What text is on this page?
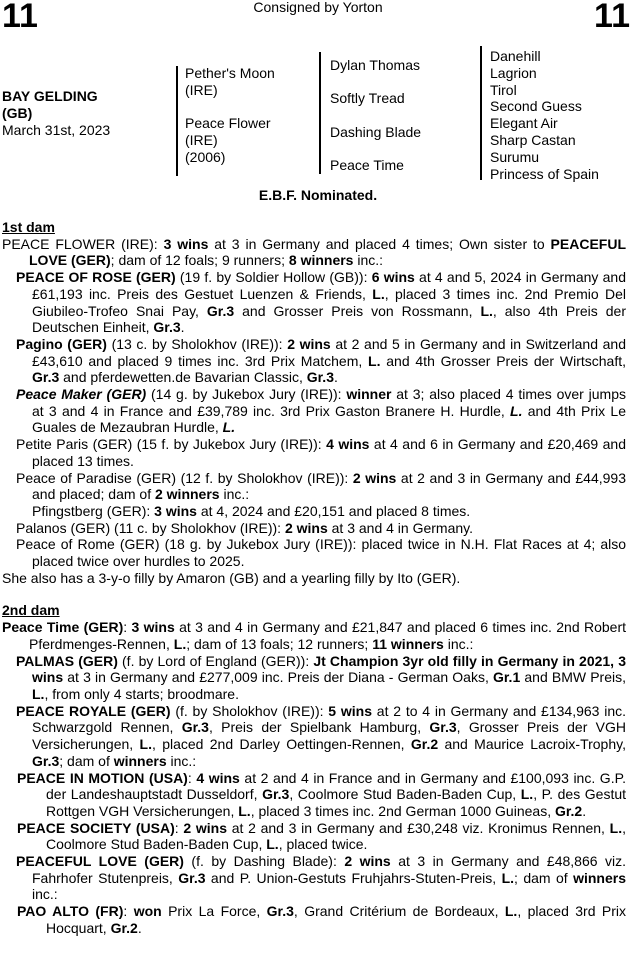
11	Consigned by Yorton	11
BAY GELDING
(GB)
March 31st, 2023
Pether's Moon
(IRE)
Peace Flower
(IRE)
(2006)
Dylan Thomas
Softly Tread
Dashing Blade
Peace Time
Danehill
Lagrion
Tirol
Second Guess
Elegant Air
Sharp Castan
Surumu
Princess of Spain
E.B.F. Nominated.

1st dam

PEACE FLOWER (IRE): 3 wins at 3 in Germany and placed 4 times; Own sister to PEACEFUL LOVE (GER); dam of 12 foals; 9 runners; 8 winners inc.:

PEACE OF ROSE (GER) (19 f. by Soldier Hollow (GB)): 6 wins at 4 and 5, 2024 in Germany and £61,193 inc. Preis des Gestuet Luenzen & Friends, L., placed 3 times inc. 2nd Premio Del Giubileo-Trofeo Snai Pay, Gr.3 and Grosser Preis von Rossmann, L., also 4th Preis der Deutschen Einheit, Gr.3.

Pagino (GER) (13 c. by Sholokhov (IRE)): 2 wins at 2 and 5 in Germany and in Switzerland and £43,610 and placed 9 times inc. 3rd Prix Matchem, L. and 4th Grosser Preis der Wirtschaft, Gr.3 and pferdewetten.de Bavarian Classic, Gr.3.

Peace Maker (GER) (14 g. by Jukebox Jury (IRE)): winner at 3; also placed 4 times over jumps at 3 and 4 in France and £39,789 inc. 3rd Prix Gaston Branere H. Hurdle, L. and 4th Prix Le Guales de Mezaubran Hurdle, L.

Petite Paris (GER) (15 f. by Jukebox Jury (IRE)): 4 wins at 4 and 6 in Germany and £20,469 and placed 13 times.

Peace of Paradise (GER) (12 f. by Sholokhov (IRE)): 2 wins at 2 and 3 in Germany and £44,993 and placed; dam of 2 winners inc.:

Pfingstberg (GER): 3 wins at 4, 2024 and £20,151 and placed 8 times.

Palanos (GER) (11 c. by Sholokhov (IRE)): 2 wins at 3 and 4 in Germany.

Peace of Rome (GER) (18 g. by Jukebox Jury (IRE)): placed twice in N.H. Flat Races at 4; also placed twice over hurdles to 2025.

She also has a 3-y-o filly by Amaron (GB) and a yearling filly by Ito (GER).

2nd dam

Peace Time (GER): 3 wins at 3 and 4 in Germany and £21,847 and placed 6 times inc. 2nd Robert Pferdmenges-Rennen, L.; dam of 13 foals; 12 runners; 11 winners inc.:

PALMAS (GER) (f. by Lord of England (GER)): Jt Champion 3yr old filly in Germany in 2021, 3 wins at 3 in Germany and £277,009 inc. Preis der Diana - German Oaks, Gr.1 and BMW Preis, L., from only 4 starts; broodmare.

PEACE ROYALE (GER) (f. by Sholokhov (IRE)): 5 wins at 2 to 4 in Germany and £134,963 inc. Schwarzgold Rennen, Gr.3, Preis der Spielbank Hamburg, Gr.3, Grosser Preis der VGH Versicherungen, L., placed 2nd Darley Oettingen-Rennen, Gr.2 and Maurice Lacroix-Trophy, Gr.3; dam of winners inc.:

PEACE IN MOTION (USA): 4 wins at 2 and 4 in France and in Germany and £100,093 inc. G.P. der Landeshauptstadt Dusseldorf, Gr.3, Coolmore Stud Baden-Baden Cup, L., P. des Gestut Rottgen VGH Versicherungen, L., placed 3 times inc. 2nd German 1000 Guineas, Gr.2.

PEACE SOCIETY (USA): 2 wins at 2 and 3 in Germany and £30,248 viz. Kronimus Rennen, L., Coolmore Stud Baden-Baden Cup, L., placed twice.

PEACEFUL LOVE (GER) (f. by Dashing Blade): 2 wins at 3 in Germany and £48,866 viz. Fahrhofer Stutenpreis, Gr.3 and P. Union-Gestuts Fruhjahrs-Stuten-Preis, L.; dam of winners inc.:

PAO ALTO (FR): won Prix La Force, Gr.3, Grand Critérium de Bordeaux, L., placed 3rd Prix Hocquart, Gr.2.
